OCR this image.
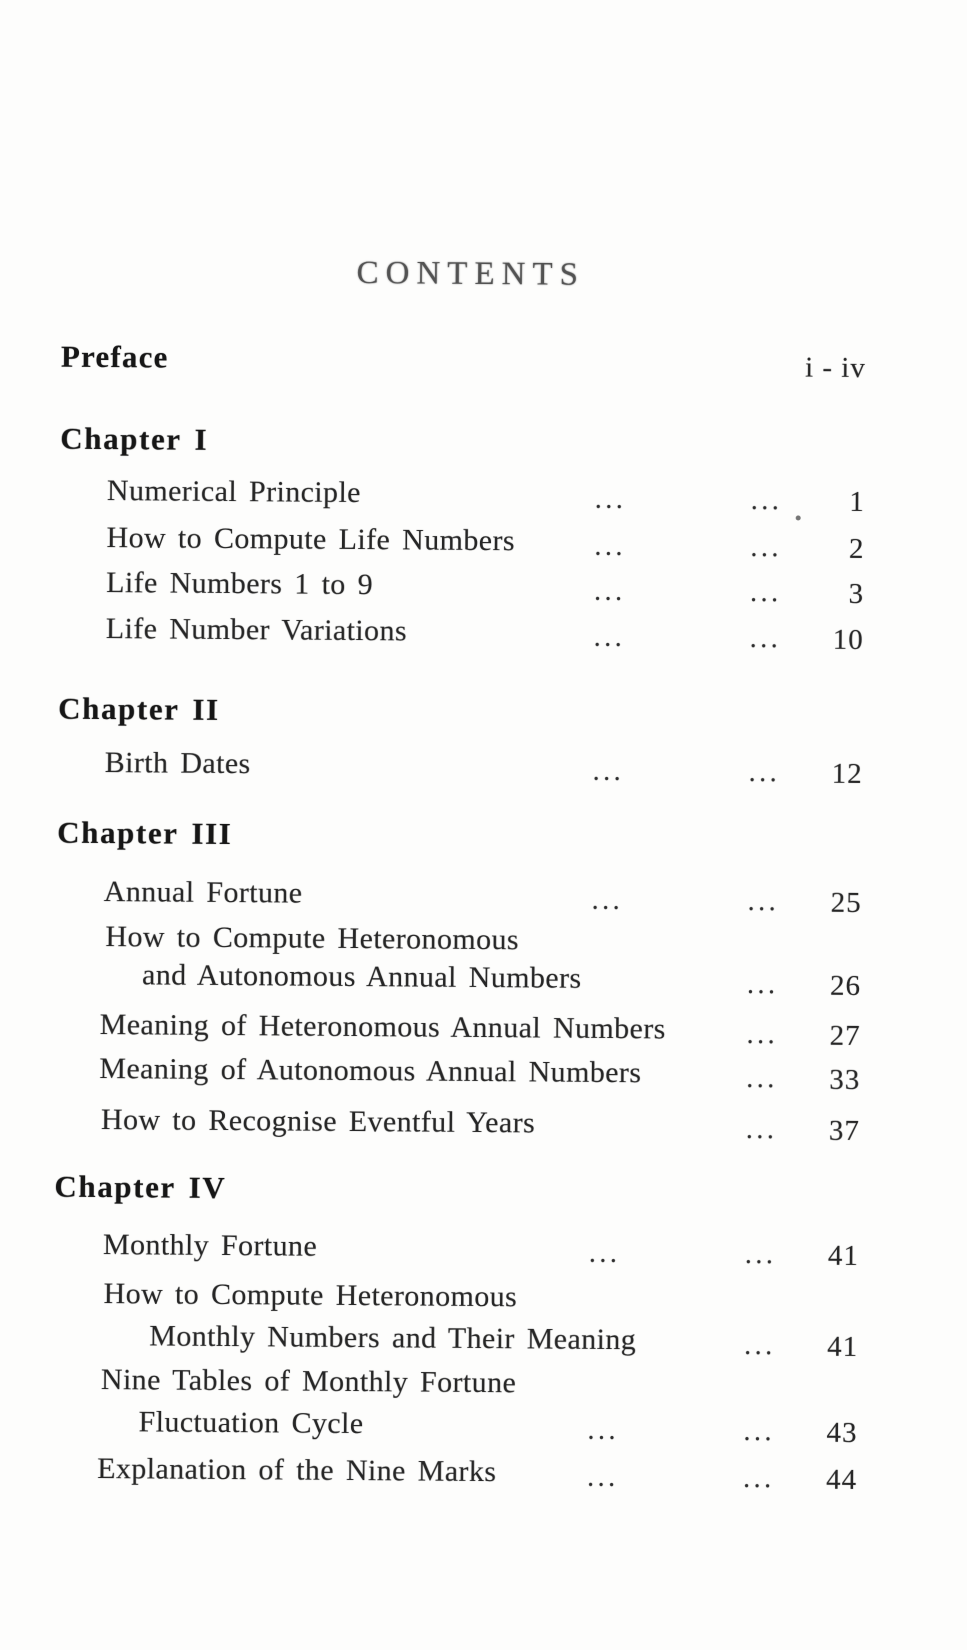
CONTENTS
Preface	i - iv
Chapter I
Numerical Principle	...	...	1
How to Compute Life Numbers	...	...	2
Life Numbers 1 to 9	...	...	3
Life Number Variations	...	...	10
Chapter II
Birth Dates	...	...	12
Chapter III
Annual Fortune	...	...	25
How to Compute Heteronomous
and Autonomous Annual Numbers	...	26
Meaning of Heteronomous Annual Numbers	...	27
Meaning of Autonomous Annual Numbers	...	33
How to Recognise Eventful Years	...	37
Chapter IV
Monthly Fortune	...	...	41
How to Compute Heteronomous
Monthly Numbers and Their Meaning	...	41
Nine Tables of Monthly Fortune
Fluctuation Cycle	...	...	43
Explanation of the Nine Marks	...	...	44
